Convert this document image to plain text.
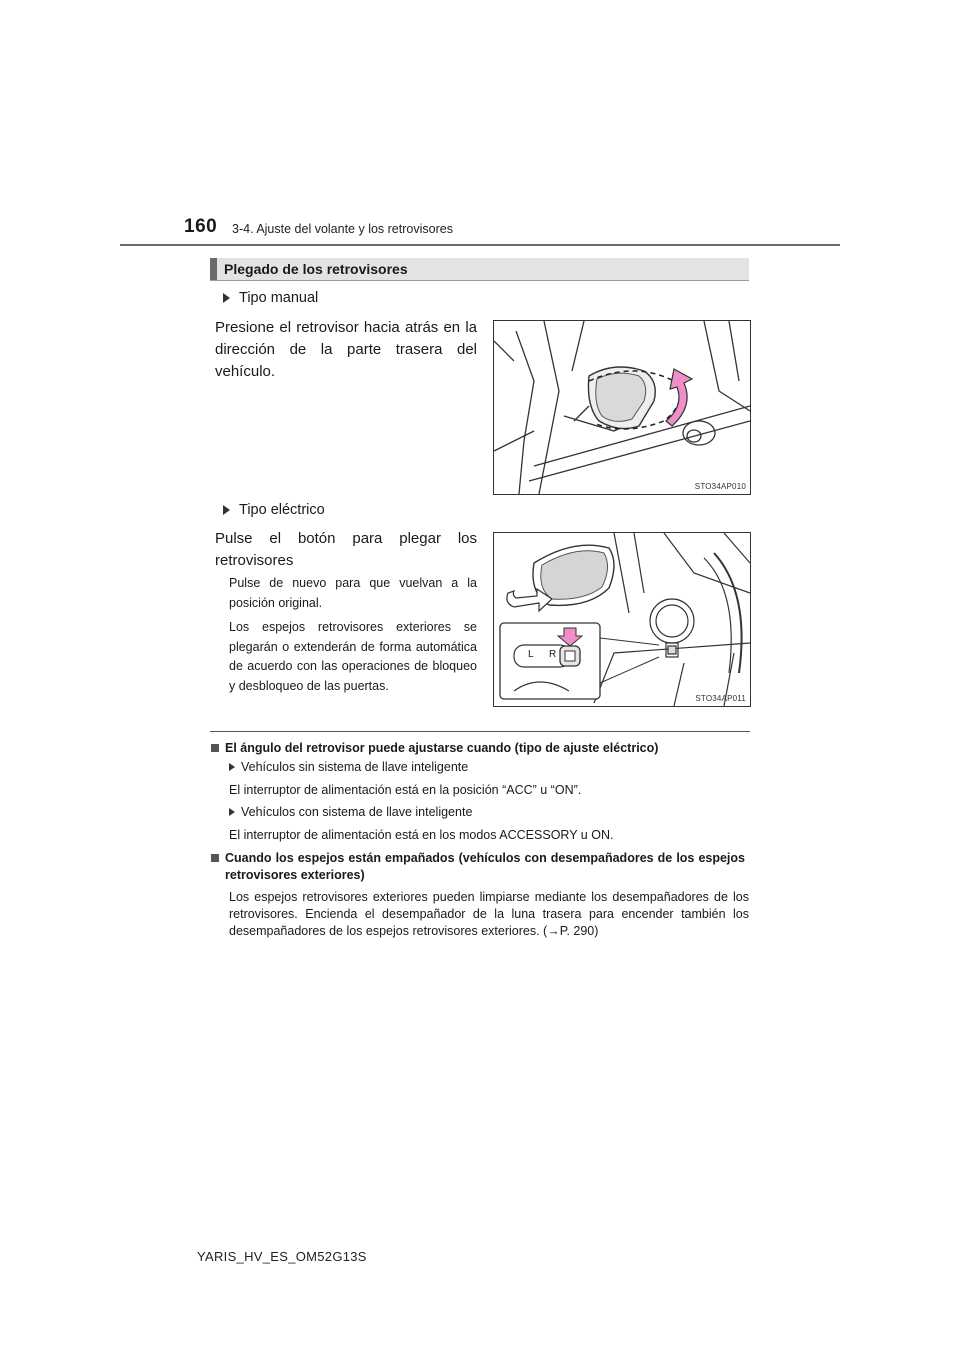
160 3-4. Ajuste del volante y los retrovisores
Plegado de los retrovisores
Tipo manual
Presione el retrovisor hacia atrás en la dirección de la parte trasera del vehículo.
STO34AP010
Tipo eléctrico
Pulse el botón para plegar los retrovisores
Pulse de nuevo para que vuelvan a la posición original.
Los espejos retrovisores exteriores se plegarán o extenderán de forma automática de acuerdo con las operaciones de bloqueo y desbloqueo de las puertas.
L R
STO34AP011
El ángulo del retrovisor puede ajustarse cuando (tipo de ajuste eléctrico)
Vehículos sin sistema de llave inteligente
El interruptor de alimentación está en la posición “ACC” u “ON”.
Vehículos con sistema de llave inteligente
El interruptor de alimentación está en los modos ACCESSORY u ON.
Cuando los espejos están empañados (vehículos con desempañadores de los espejos retrovisores exteriores)
Los espejos retrovisores exteriores pueden limpiarse mediante los desempañadores de los retrovisores. Encienda el desempañador de la luna trasera para encender también los desempañadores de los espejos retrovisores exteriores. (→P. 290)
YARIS_HV_ES_OM52G13S
